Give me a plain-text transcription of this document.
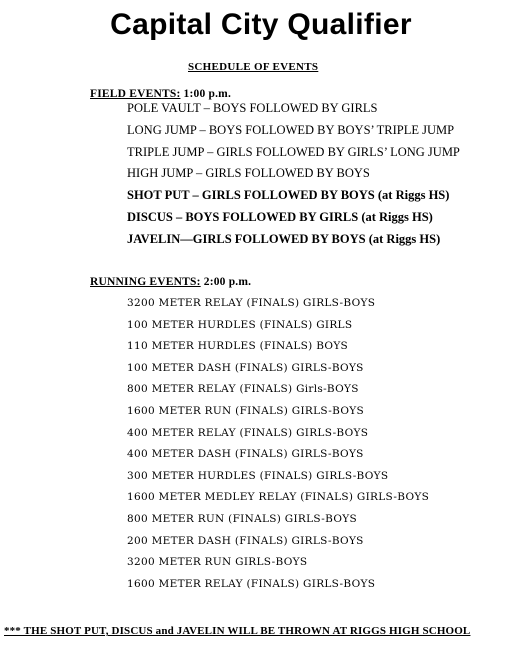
Capital City Qualifier
SCHEDULE OF EVENTS
FIELD EVENTS: 1:00 p.m.
POLE VAULT – BOYS FOLLOWED BY GIRLS
LONG JUMP – BOYS FOLLOWED BY BOYS’ TRIPLE JUMP
TRIPLE JUMP – GIRLS FOLLOWED BY GIRLS’ LONG JUMP
HIGH JUMP – GIRLS FOLLOWED BY BOYS
SHOT PUT – GIRLS FOLLOWED BY BOYS (at Riggs HS)
DISCUS – BOYS FOLLOWED BY GIRLS (at Riggs HS)
JAVELIN—GIRLS FOLLOWED BY BOYS (at Riggs HS)
RUNNING EVENTS: 2:00 p.m.
3200 METER RELAY (FINALS) GIRLS-BOYS
100 METER HURDLES (FINALS) GIRLS
110 METER HURDLES (FINALS) BOYS
100 METER DASH (FINALS) GIRLS-BOYS
800 METER RELAY (FINALS) Girls-BOYS
1600 METER RUN (FINALS) GIRLS-BOYS
400 METER RELAY (FINALS) GIRLS-BOYS
400 METER DASH (FINALS) GIRLS-BOYS
300 METER HURDLES (FINALS) GIRLS-BOYS
1600 METER MEDLEY RELAY (FINALS) GIRLS-BOYS
800 METER RUN (FINALS) GIRLS-BOYS
200 METER DASH (FINALS) GIRLS-BOYS
3200 METER RUN GIRLS-BOYS
1600 METER RELAY (FINALS) GIRLS-BOYS
*** THE SHOT PUT, DISCUS and JAVELIN WILL BE THROWN AT RIGGS HIGH SCHOOL
